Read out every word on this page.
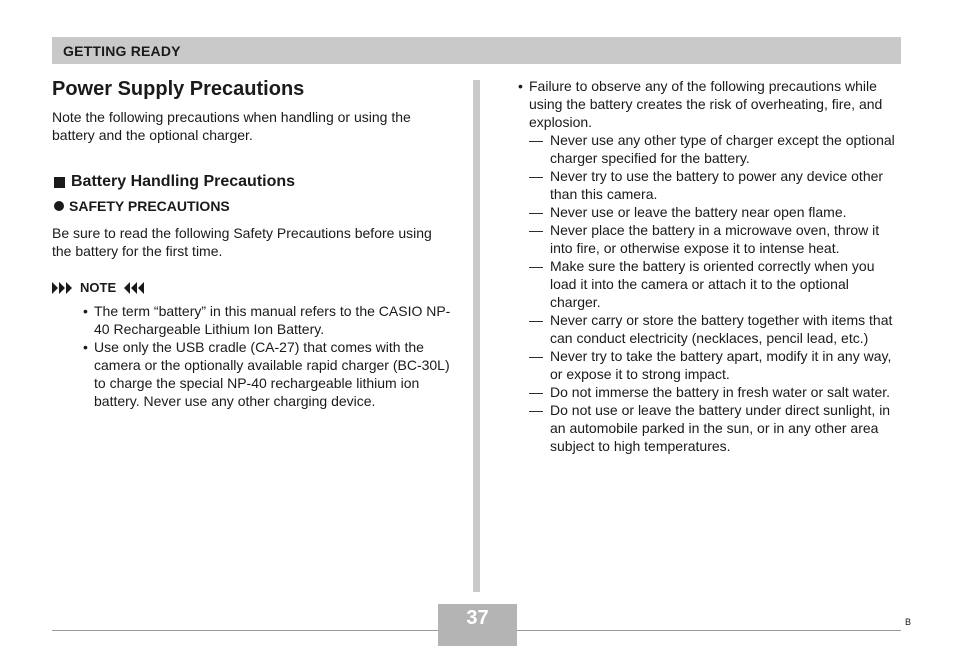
GETTING READY
Power Supply Precautions

Note the following precautions when handling or using the battery and the optional charger.

Battery Handling Precautions
SAFETY PRECAUTIONS
Be sure to read the following Safety Precautions before using the battery for the first time.
NOTE
• The term “battery” in this manual refers to the CASIO NP-40 Rechargeable Lithium Ion Battery.
• Use only the USB cradle (CA-27) that comes with the camera or the optionally available rapid charger (BC-30L) to charge the special NP-40 rechargeable lithium ion battery. Never use any other charging device.
• Failure to observe any of the following precautions while using the battery creates the risk of overheating, fire, and explosion.
— Never use any other type of charger except the optional charger specified for the battery.
— Never try to use the battery to power any device other than this camera.
— Never use or leave the battery near open flame.
— Never place the battery in a microwave oven, throw it into fire, or otherwise expose it to intense heat.
— Make sure the battery is oriented correctly when you load it into the camera or attach it to the optional charger.
— Never carry or store the battery together with items that can conduct electricity (necklaces, pencil lead, etc.)
— Never try to take the battery apart, modify it in any way, or expose it to strong impact.
— Do not immerse the battery in fresh water or salt water.
— Do not use or leave the battery under direct sunlight, in an automobile parked in the sun, or in any other area subject to high temperatures.
37	B
